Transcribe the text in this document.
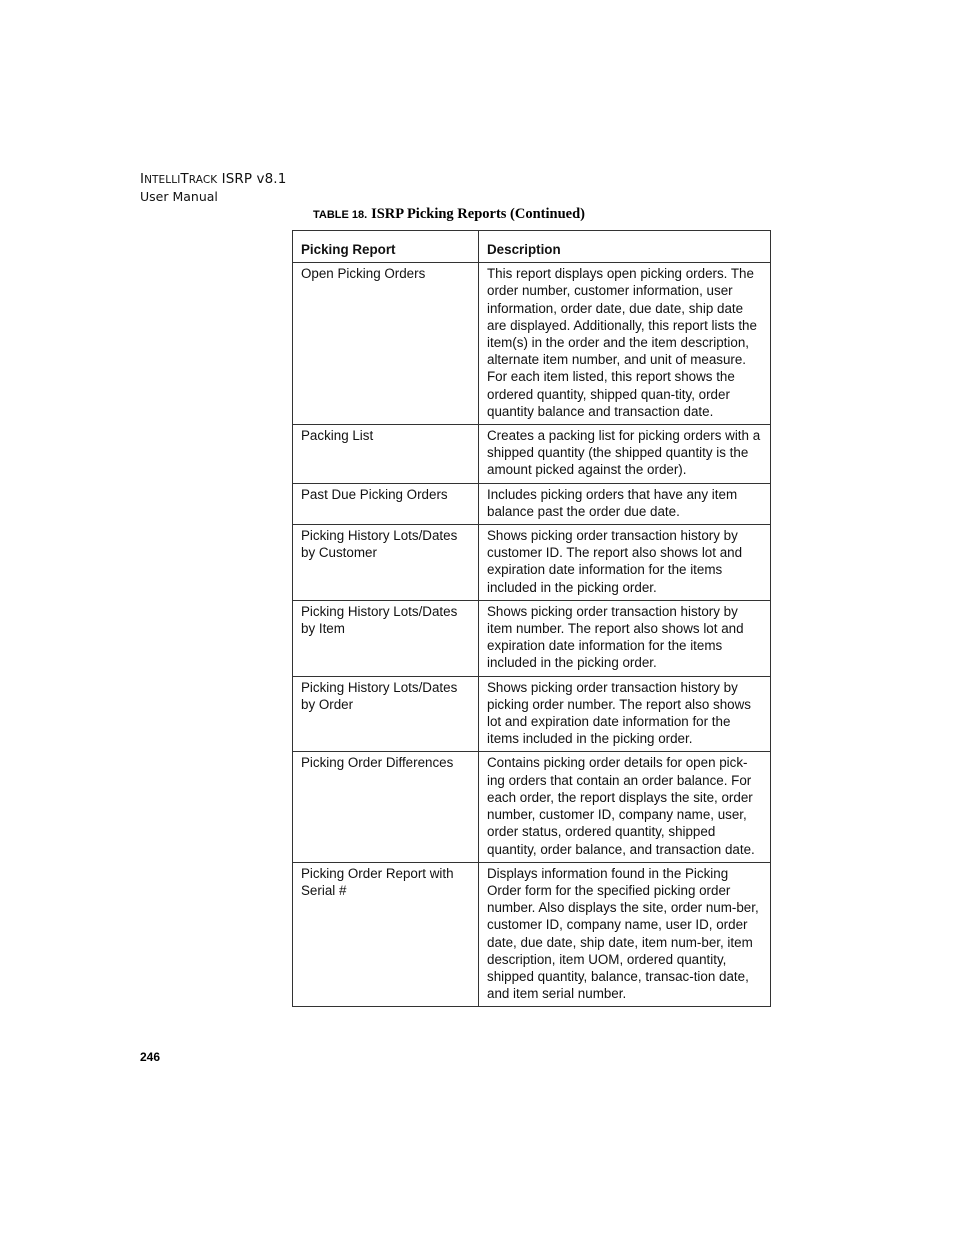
INTELLITRACK ISRP v8.1
User Manual
TABLE 18. ISRP Picking Reports (Continued)
Picking Report	Description
Open Picking Orders	This report displays open picking orders. The order number, customer information, user information, order date, due date, ship date are displayed. Additionally, this report lists the item(s) in the order and the item description, alternate item number, and unit of measure. For each item listed, this report shows the ordered quantity, shipped quan-tity, order quantity balance and transaction date.
Packing List	Creates a packing list for picking orders with a shipped quantity (the shipped quantity is the amount picked against the order).
Past Due Picking Orders	Includes picking orders that have any item balance past the order due date.
Picking History Lots/Dates by Customer	Shows picking order transaction history by customer ID. The report also shows lot and expiration date information for the items included in the picking order.
Picking History Lots/Dates by Item	Shows picking order transaction history by item number. The report also shows lot and expiration date information for the items included in the picking order.
Picking History Lots/Dates by Order	Shows picking order transaction history by picking order number. The report also shows lot and expiration date information for the items included in the picking order.
Picking Order Differences	Contains picking order details for open pick-ing orders that contain an order balance. For each order, the report displays the site, order number, customer ID, company name, user, order status, ordered quantity, shipped quantity, order balance, and transaction date.
Picking Order Report with Serial #	Displays information found in the Picking Order form for the specified picking order number. Also displays the site, order num-ber, customer ID, company name, user ID, order date, due date, ship date, item num-ber, item description, item UOM, ordered quantity, shipped quantity, balance, transac-tion date, and item serial number.
246
